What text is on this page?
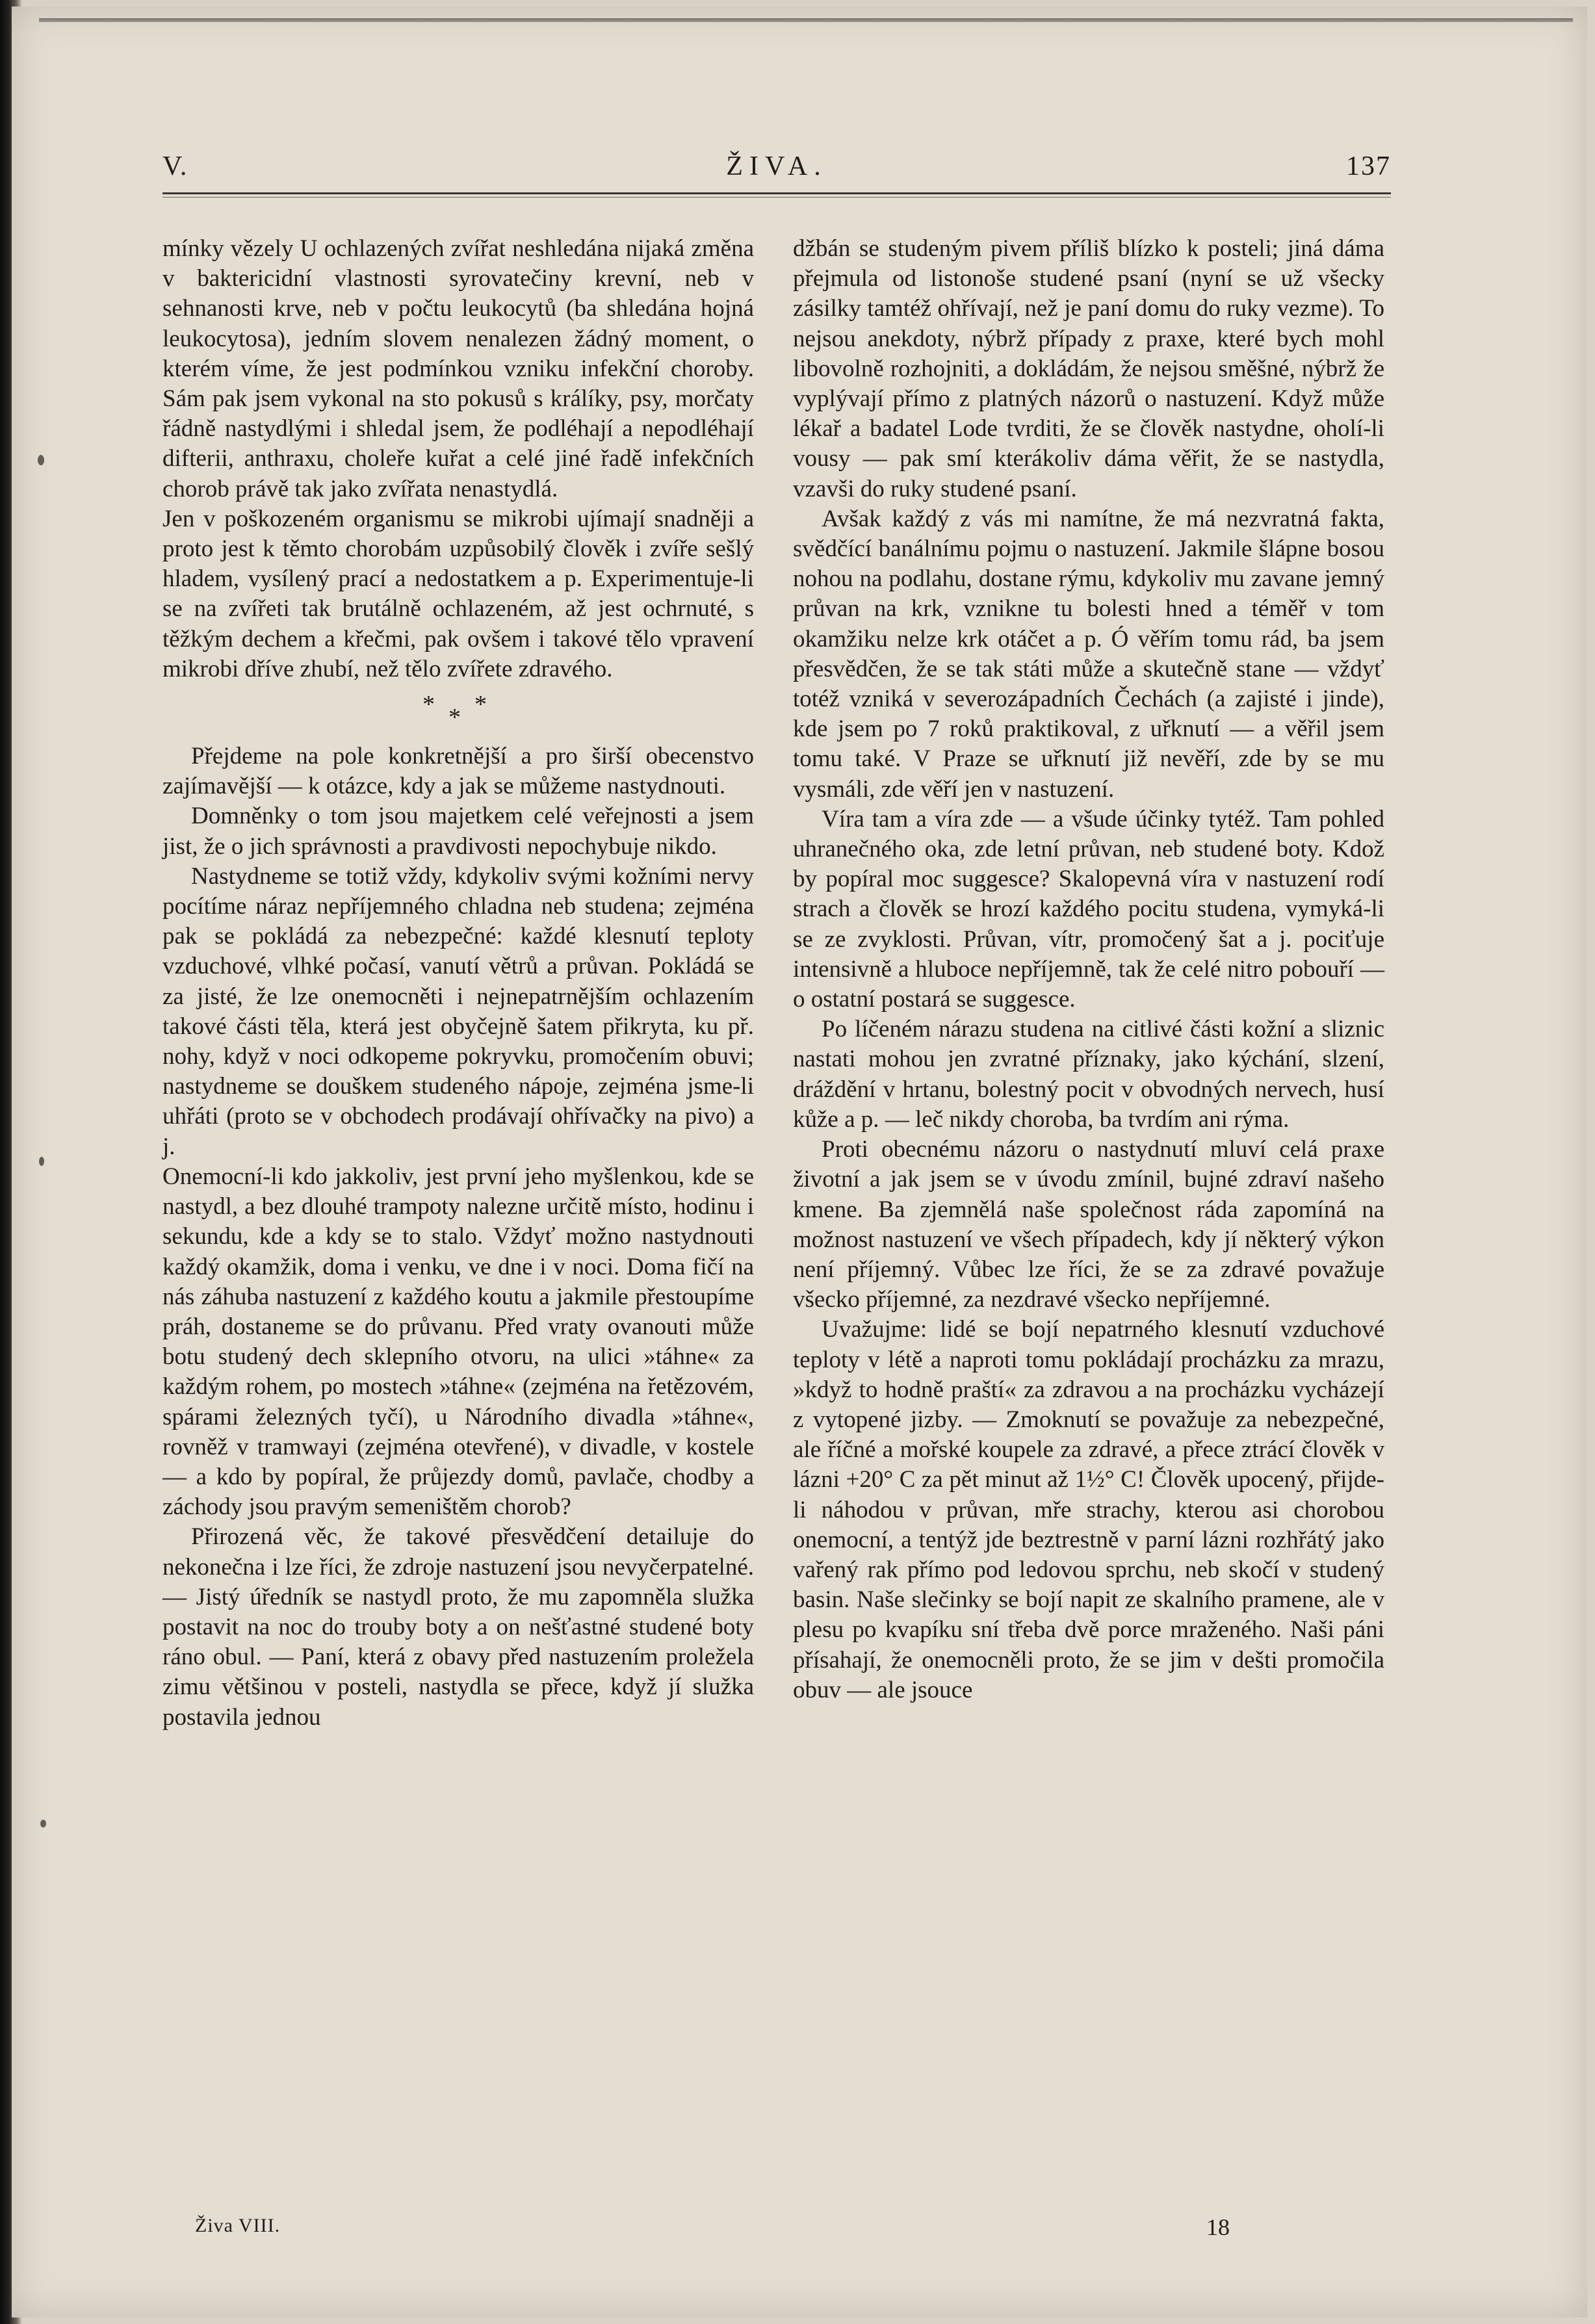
V.	ŽIVA.	137

mínky vězely U ochlazených zvířat neshledána nijaká změna v baktericidní vlastnosti syrovatečiny krevní, neb v sehnanosti krve, neb v počtu leukocytů (ba shledána hojná leukocytosa), jedním slovem nenalezen žádný moment, o kterém víme, že jest podmínkou vzniku infekční choroby. Sám pak jsem vykonal na sto pokusů s králíky, psy, morčaty řádně nastydlými i shledal jsem, že podléhají a nepodléhají difterii, anthraxu, choleře kuřat a celé jiné řadě infekčních chorob právě tak jako zvířata nenastydlá.

Jen v poškozeném organismu se mikrobi ujímají snadněji a proto jest k těmto chorobám uzpůsobilý člověk i zvíře sešlý hladem, vysílený prací a nedostatkem a p. Experimentuje-li se na zvířeti tak brutálně ochlazeném, až jest ochrnuté, s těžkým dechem a křečmi, pak ovšem i takové tělo vpravení mikrobi dříve zhubí, než tělo zvířete zdravého.

* * *

Přejdeme na pole konkretnější a pro širší obecenstvo zajímavější — k otázce, kdy a jak se můžeme nastydnouti.

Domněnky o tom jsou majetkem celé veřejnosti a jsem jist, že o jich správnosti a pravdivosti nepochybuje nikdo.

Nastydneme se totiž vždy, kdykoliv svými kožními nervy pocítíme náraz nepříjemného chladna neb studena; zejména pak se pokládá za nebezpečné: každé klesnutí teploty vzduchové, vlhké počasí, vanutí větrů a průvan. Pokládá se za jisté, že lze onemocněti i nejnepatrnějším ochlazením takové části těla, která jest obyčejně šatem přikryta, ku př. nohy, když v noci odkopeme pokryvku, promočením obuvi; nastydneme se douškem studeného nápoje, zejména jsme-li uhřáti (proto se v obchodech prodávají ohřívačky na pivo) a j.

Onemocní-li kdo jakkoliv, jest první jeho myšlenkou, kde se nastydl, a bez dlouhé trampoty nalezne určitě místo, hodinu i sekundu, kde a kdy se to stalo. Vždyť možno nastydnouti každý okamžik, doma i venku, ve dne i v noci. Doma fičí na nás záhuba nastuzení z každého koutu a jakmile přestoupíme práh, dostaneme se do průvanu. Před vraty ovanouti může botu studený dech sklepního otvoru, na ulici »táhne« za každým rohem, po mostech »táhne« (zejména na řetězovém, spárami železných tyčí), u Národního divadla »táhne«, rovněž v tramwayi (zejména otevřené), v divadle, v kostele — a kdo by popíral, že průjezdy domů, pavlače, chodby a záchody jsou pravým semeništěm chorob?

Přirozená věc, že takové přesvědčení detailuje do nekonečna i lze říci, že zdroje nastuzení jsou nevyčerpatelné. — Jistý úředník se nastydl proto, že mu zapomněla služka postavit na noc do trouby boty a on nešťastné studené boty ráno obul. — Paní, která z obavy před nastuzením proležela zimu většinou v posteli, nastydla se přece, když jí služka postavila jednou

džbán se studeným pivem příliš blízko k posteli; jiná dáma přejmula od listonoše studené psaní (nyní se už všecky zásilky tamtéž ohřívají, než je paní domu do ruky vezme). To nejsou anekdoty, nýbrž případy z praxe, které bych mohl libovolně rozhojniti, a dokládám, že nejsou směšné, nýbrž že vyplývají přímo z platných názorů o nastuzení. Když může lékař a badatel Lode tvrditi, že se člověk nastydne, oholí-li vousy — pak smí kterákoliv dáma věřit, že se nastydla, vzavši do ruky studené psaní.

Avšak každý z vás mi namítne, že má nezvratná fakta, svědčící banálnímu pojmu o nastuzení. Jakmile šlápne bosou nohou na podlahu, dostane rýmu, kdykoliv mu zavane jemný průvan na krk, vznikne tu bolesti hned a téměř v tom okamžiku nelze krk otáčet a p. Ó věřím tomu rád, ba jsem přesvědčen, že se tak státi může a skutečně stane — vždyť totéž vzniká v severozápadních Čechách (a zajisté i jinde), kde jsem po 7 roků praktikoval, z uřknutí — a věřil jsem tomu také. V Praze se uřknutí již nevěří, zde by se mu vysmáli, zde věří jen v nastuzení.

Víra tam a víra zde — a všude účinky tytéž. Tam pohled uhranečného oka, zde letní průvan, neb studené boty. Kdož by popíral moc suggesce? Skalopevná víra v nastuzení rodí strach a člověk se hrozí každého pocitu studena, vymyká-li se ze zvyklosti. Průvan, vítr, promočený šat a j. pociťuje intensivně a hluboce nepříjemně, tak že celé nitro pobouří — o ostatní postará se suggesce.

Po líčeném nárazu studena na citlivé části kožní a sliznic nastati mohou jen zvratné příznaky, jako kýchání, slzení, dráždění v hrtanu, bolestný pocit v obvodných nervech, husí kůže a p. — leč nikdy choroba, ba tvrdím ani rýma.

Proti obecnému názoru o nastydnutí mluví celá praxe životní a jak jsem se v úvodu zmínil, bujné zdraví našeho kmene. Ba zjemnělá naše společnost ráda zapomíná na možnost nastuzení ve všech případech, kdy jí některý výkon není příjemný. Vůbec lze říci, že se za zdravé považuje všecko příjemné, za nezdravé všecko nepříjemné.

Uvažujme: lidé se bojí nepatrného klesnutí vzduchové teploty v létě a naproti tomu pokládají procházku za mrazu, »když to hodně praští« za zdravou a na procházku vycházejí z vytopené jizby. — Zmoknutí se považuje za nebezpečné, ale říčné a mořské koupele za zdravé, a přece ztrácí člověk v lázni +20° C za pět minut až 1½° C! Člověk upocený, přijde-li náhodou v průvan, mře strachy, kterou asi chorobou onemocní, a tentýž jde beztrestně v parní lázni rozhřátý jako vařený rak přímo pod ledovou sprchu, neb skočí v studený basin. Naše slečinky se bojí napit ze skalního pramene, ale v plesu po kvapíku sní třeba dvě porce mraženého. Naši páni přísahají, že onemocněli proto, že se jim v dešti promočila obuv — ale jsouce

Živa VIII.	18
